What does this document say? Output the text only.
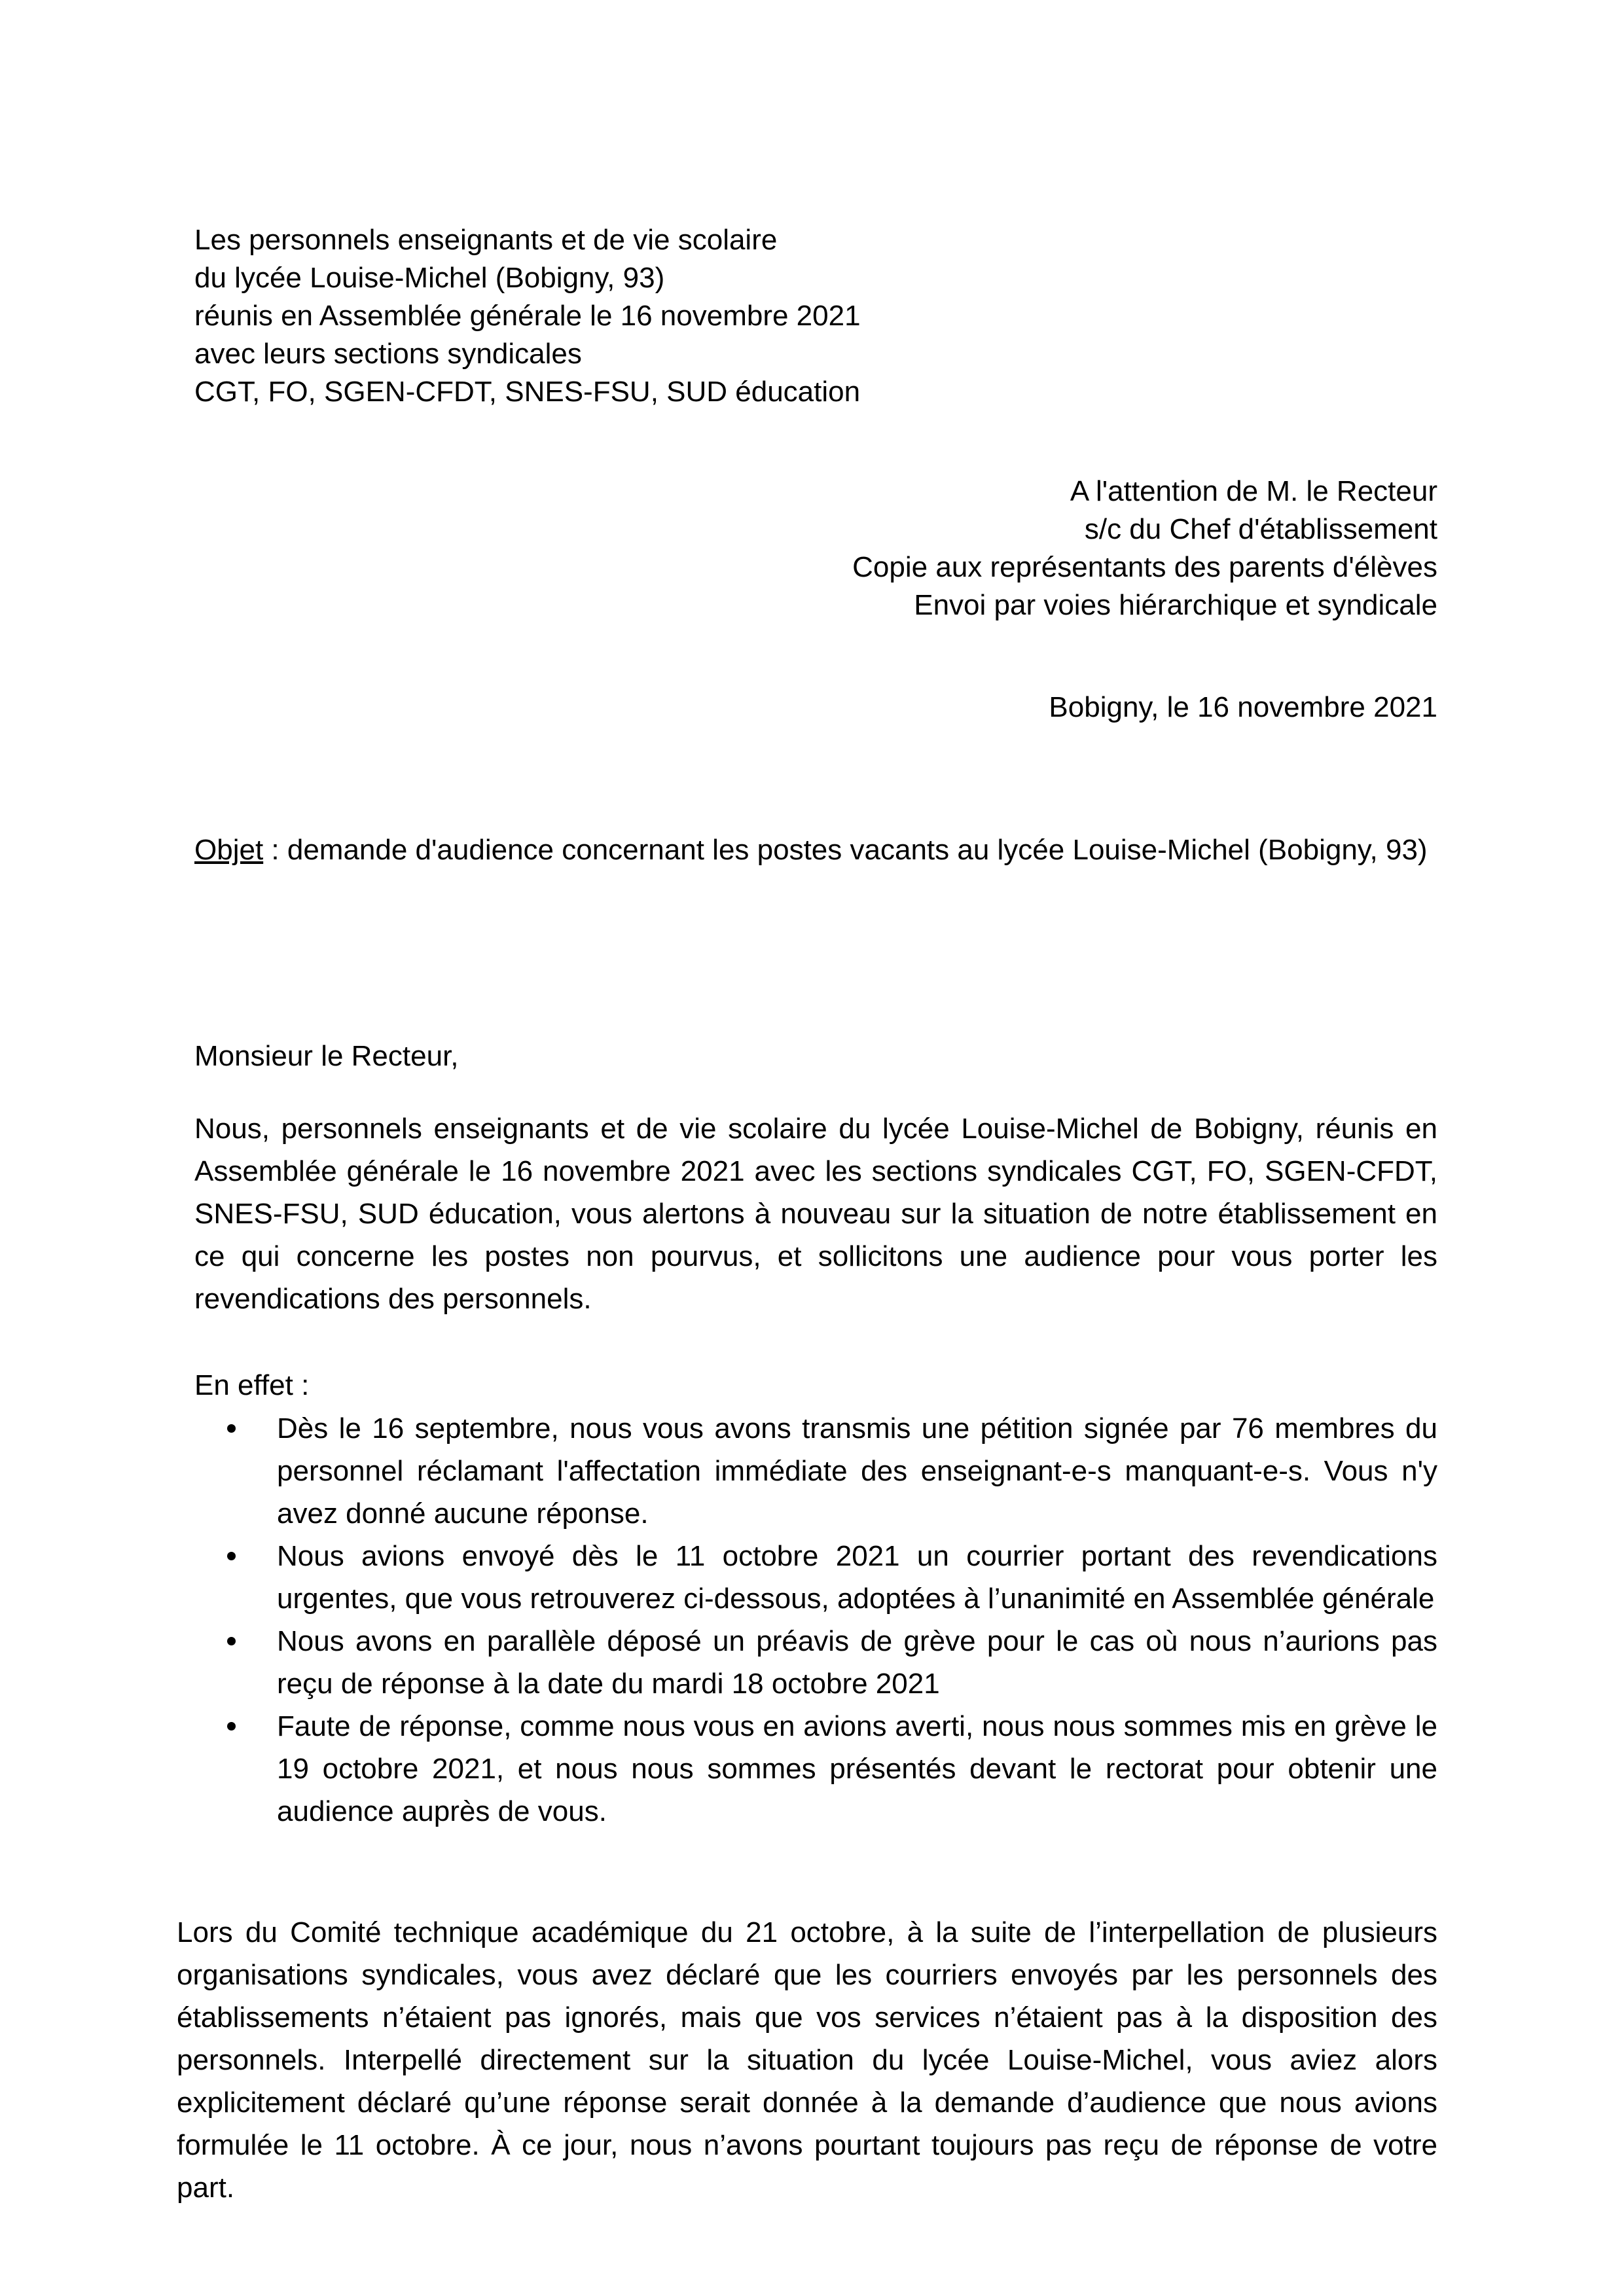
Les personnels enseignants et de vie scolaire
du lycée Louise-Michel (Bobigny, 93)
réunis en Assemblée générale le 16 novembre 2021
avec leurs sections syndicales
CGT, FO, SGEN-CFDT, SNES-FSU, SUD éducation
A l'attention de M. le Recteur
s/c du Chef d'établissement
Copie aux représentants des parents d'élèves
Envoi par voies hiérarchique et syndicale
Bobigny, le 16 novembre 2021
Objet : demande d'audience concernant les postes vacants au lycée Louise-Michel (Bobigny, 93)
Monsieur le Recteur,
Nous, personnels enseignants et de vie scolaire du lycée Louise-Michel de Bobigny, réunis en Assemblée générale le 16 novembre 2021 avec les sections syndicales CGT, FO, SGEN-CFDT, SNES-FSU, SUD éducation, vous alertons à nouveau sur la situation de notre établissement en ce qui concerne les postes non pourvus, et sollicitons une audience pour vous porter les revendications des personnels.
En effet :
Dès le 16 septembre, nous vous avons transmis une pétition signée par 76 membres du personnel réclamant l'affectation immédiate des enseignant-e-s manquant-e-s. Vous n'y avez donné aucune réponse.
Nous avions envoyé dès le 11 octobre 2021 un courrier portant des revendications urgentes, que vous retrouverez ci-dessous, adoptées à l’unanimité en Assemblée générale
Nous avons en parallèle déposé un préavis de grève pour le cas où nous n’aurions pas reçu de réponse à la date du mardi 18 octobre 2021
Faute de réponse, comme nous vous en avions averti, nous nous sommes mis en grève le 19 octobre 2021, et nous nous sommes présentés devant le rectorat pour obtenir une audience auprès de vous.
Lors du Comité technique académique du 21 octobre, à la suite de l’interpellation de plusieurs organisations syndicales, vous avez déclaré que les courriers envoyés par les personnels des établissements n’étaient pas ignorés, mais que vos services n’étaient pas à la disposition des personnels. Interpellé directement sur la situation du lycée Louise-Michel, vous aviez alors explicitement déclaré qu’une réponse serait donnée à la demande d’audience que nous avions formulée le 11 octobre. À ce jour, nous n’avons pourtant toujours pas reçu de réponse de votre part.
